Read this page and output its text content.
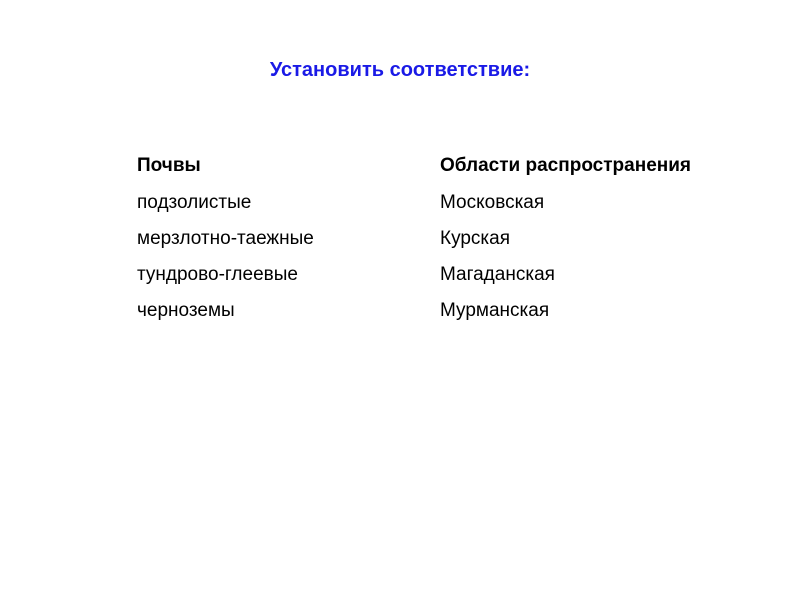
Установить соответствие:
Почвы
подзолистые
мерзлотно-таежные
тундрово-глеевые
черноземы
Области распространения
Московская
Курская
Магаданская
Мурманская
